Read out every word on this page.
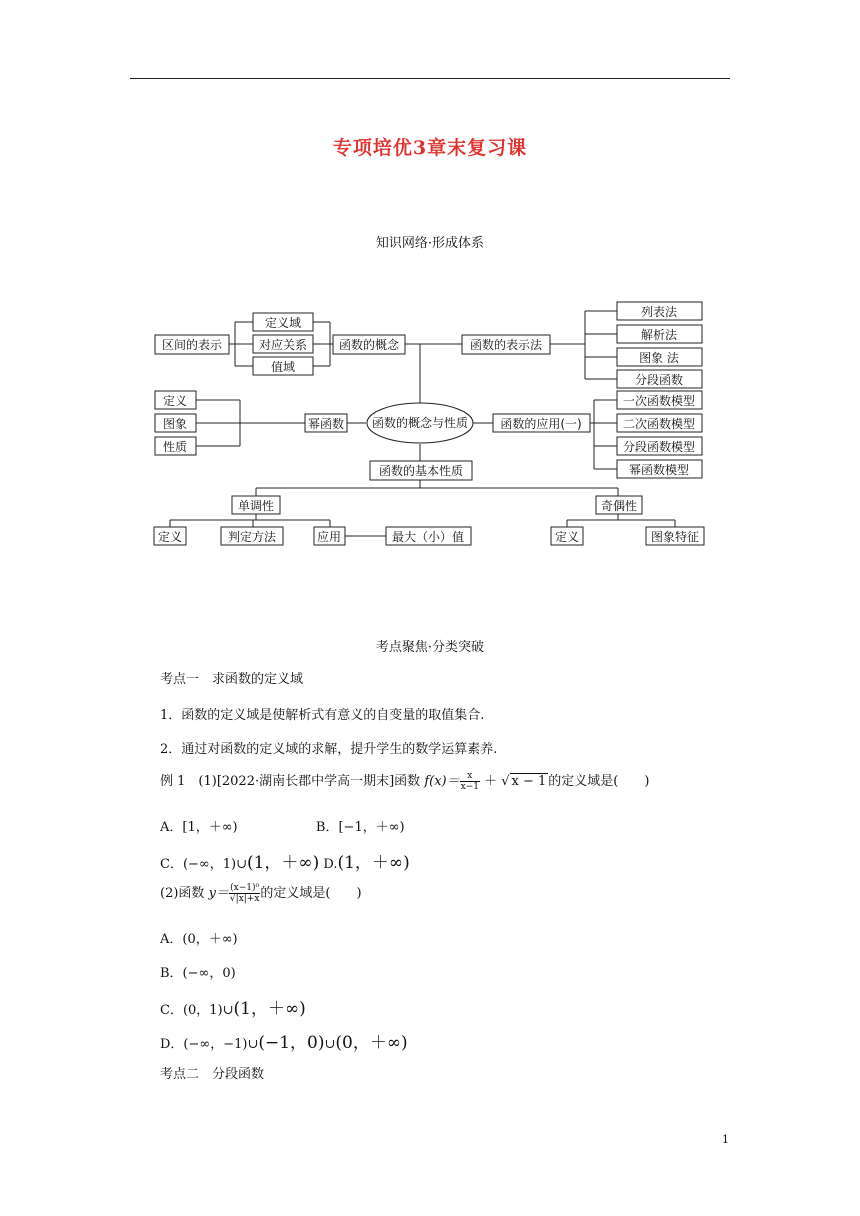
专项培优3章末复习课
知识网络·形成体系
区间的表示
定义域
对应关系
值域
函数的概念	函数的表示法
列表法
解析法
图象 法
分段函数
定义
图象
性质
幂函数 函数的概念与性质	函数的应用(一)
一次函数模型
二次函数模型
分段函数模型
幂函数模型
函数的基本性质
单调性	奇偶性
定义	判定方法	应用	最大（小）值	定义	图象特征
考点聚焦·分类突破
考点一　求函数的定义域
1．函数的定义域是使解析式有意义的自变量的取值集合.
2．通过对函数的定义域的求解，提升学生的数学运算素养.
例 1　(1)[2022·湖南长郡中学高一期末]函数 $f(x)= \frac{x}{x-1}$ ＋ √ x − 1 的定义域是(　　)
A．[1，＋∞)	B．[−1，＋∞)
C．(−∞，1)∪(1，＋∞) D.(1，＋∞)
(2)函数 $y= \frac{\text{(x−1)⁰}}{√|x|+x}$ 的定义域是(　　)
A．(0，＋∞)
B．(−∞，0)
C．(0，1)∪(1，＋∞)
D．(−∞，−1)∪(−1，0)∪(0，＋∞)
考点二　分段函数
1
